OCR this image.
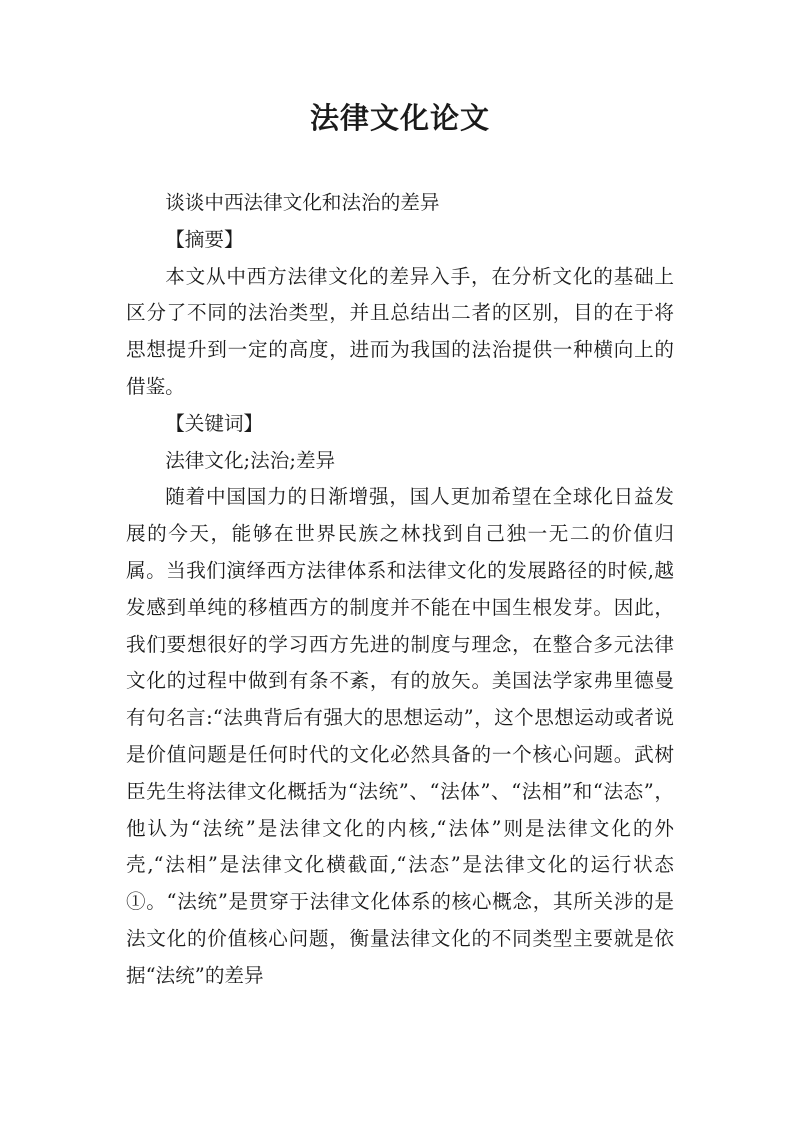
法律文化论文

谈谈中西法律文化和法治的差异

【摘要】

本文从中西方法律文化的差异入手，在分析文化的基础上区分了不同的法治类型，并且总结出二者的区别，目的在于将思想提升到一定的高度，进而为我国的法治提供一种横向上的借鉴。

【关键词】

法律文化;法治;差异

随着中国国力的日渐增强，国人更加希望在全球化日益发展的今天，能够在世界民族之林找到自己独一无二的价值归属。当我们演绎西方法律体系和法律文化的发展路径的时候,越发感到单纯的移植西方的制度并不能在中国生根发芽。因此，我们要想很好的学习西方先进的制度与理念，在整合多元法律文化的过程中做到有条不紊，有的放矢。美国法学家弗里德曼有句名言:“法典背后有强大的思想运动”，这个思想运动或者说是价值问题是任何时代的文化必然具备的一个核心问题。武树臣先生将法律文化概括为“法统”、“法体”、“法相”和“法态”，他认为“法统”是法律文化的内核,“法体”则是法律文化的外壳,“法相”是法律文化横截面,“法态”是法律文化的运行状态①。“法统”是贯穿于法律文化体系的核心概念，其所关涉的是法文化的价值核心问题，衡量法律文化的不同类型主要就是依据“法统”的差异
